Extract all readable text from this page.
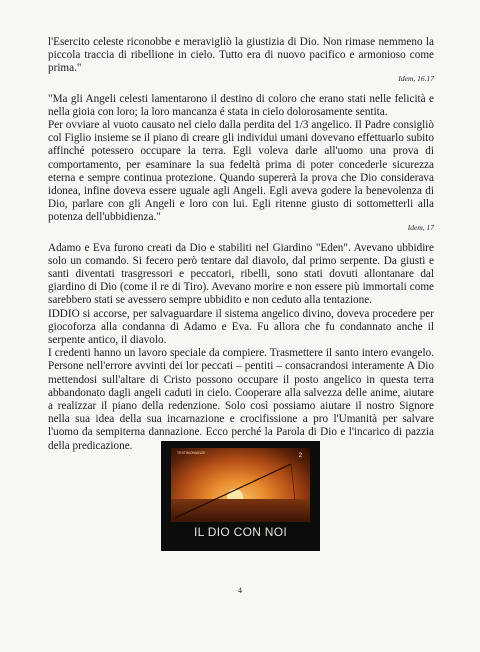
l'Esercito celeste riconobbe e meravigliò la giustizia di Dio. Non rimase nemmeno la piccola traccia di ribellione in cielo. Tutto era di nuovo pacifico e armonioso come prima."

Idem, 16.17

"Ma gli Angeli celesti lamentarono il destino di coloro che erano stati nelle felicità e nella gioia con loro; la loro mancanza é stata in cielo dolorosamente sentita.

Per ovviare al vuoto causato nel cielo dalla perdita del 1/3 angelico. Il Padre consigliò col Figlio insieme se il piano di creare gli individui umani dovevano effettuarlo subito affinché potessero occupare la terra. Egli voleva darle all'uomo una prova di comportamento, per esaminare la sua fedeltà prima di poter concederle sicurezza eterna e sempre continua protezione. Quando supererà la prova che Dio considerava idonea, infine doveva essere uguale agli Angeli. Egli aveva godere la benevolenza di Dio, parlare con gli Angeli e loro con lui. Egli ritenne giusto di sottometterli alla potenza dell'ubbidienza."

Idem, 17

Adamo e Eva furono creati da Dio e stabiliti nel Giardino "Eden". Avevano ubbidire solo un comando. Si fecero però tentare dal diavolo, dal primo serpente. Da giusti e santi diventati trasgressori e peccatori, ribelli, sono stati dovuti allontanare dal giardino di Dio (come il re di Tiro). Avevano morire e non essere più immortali come sarebbero stati se avessero sempre ubbidito e non ceduto alla tentazione.

IDDIO si accorse, per salvaguardare il sistema angelico divino, doveva procedere per giocoforza alla condanna di Adamo e Eva. Fu allora che fu condannato anche il serpente antico, il diavolo.

I credenti hanno un lavoro speciale da compiere. Trasmettere il santo intero evangelo. Persone nell'errore avvinti dei lor peccati – pentiti – consacrandosi interamente A Dio mettendosi sull'altare di Cristo possono occupare il posto angelico in questa terra abbandonato dagli angeli caduti in cielo. Cooperare alla salvezza delle anime, aiutare a realizzar il piano della redenzione. Solo così possiamo aiutare il nostro Signore nella sua idea della sua incarnazione e crocifissione a pro l'Umanità per salvare l'uomo da sempiterna dannazione. Ecco perché la Parola di Dio e l'incarico di pazzia della predicazione.

TESTIMONIANZE	2
IL DIO CON NOI
4
